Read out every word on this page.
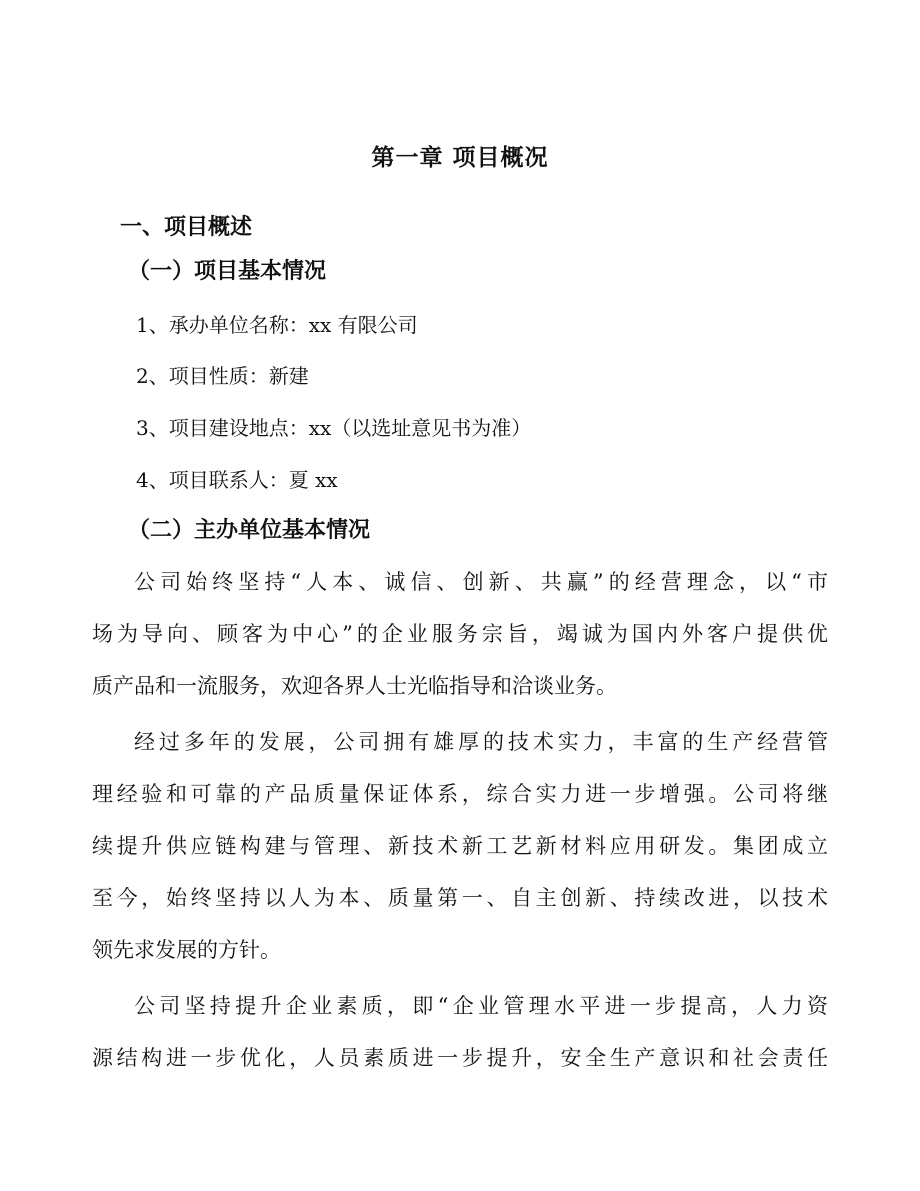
第一章 项目概况
一、项目概述
（一）项目基本情况
1、承办单位名称：xx 有限公司
2、项目性质：新建
3、项目建设地点：xx（以选址意见书为准）
4、项目联系人：夏 xx
（二）主办单位基本情况
公司始终坚持“人本、诚信、创新、共赢”的经营理念，以“市
场为导向、顾客为中心”的企业服务宗旨，竭诚为国内外客户提供优
质产品和一流服务，欢迎各界人士光临指导和洽谈业务。
经过多年的发展，公司拥有雄厚的技术实力，丰富的生产经营管
理经验和可靠的产品质量保证体系，综合实力进一步增强。公司将继
续提升供应链构建与管理、新技术新工艺新材料应用研发。集团成立
至今，始终坚持以人为本、质量第一、自主创新、持续改进，以技术
领先求发展的方针。
公司坚持提升企业素质，即“企业管理水平进一步提高，人力资
源结构进一步优化，人员素质进一步提升，安全生产意识和社会责任
